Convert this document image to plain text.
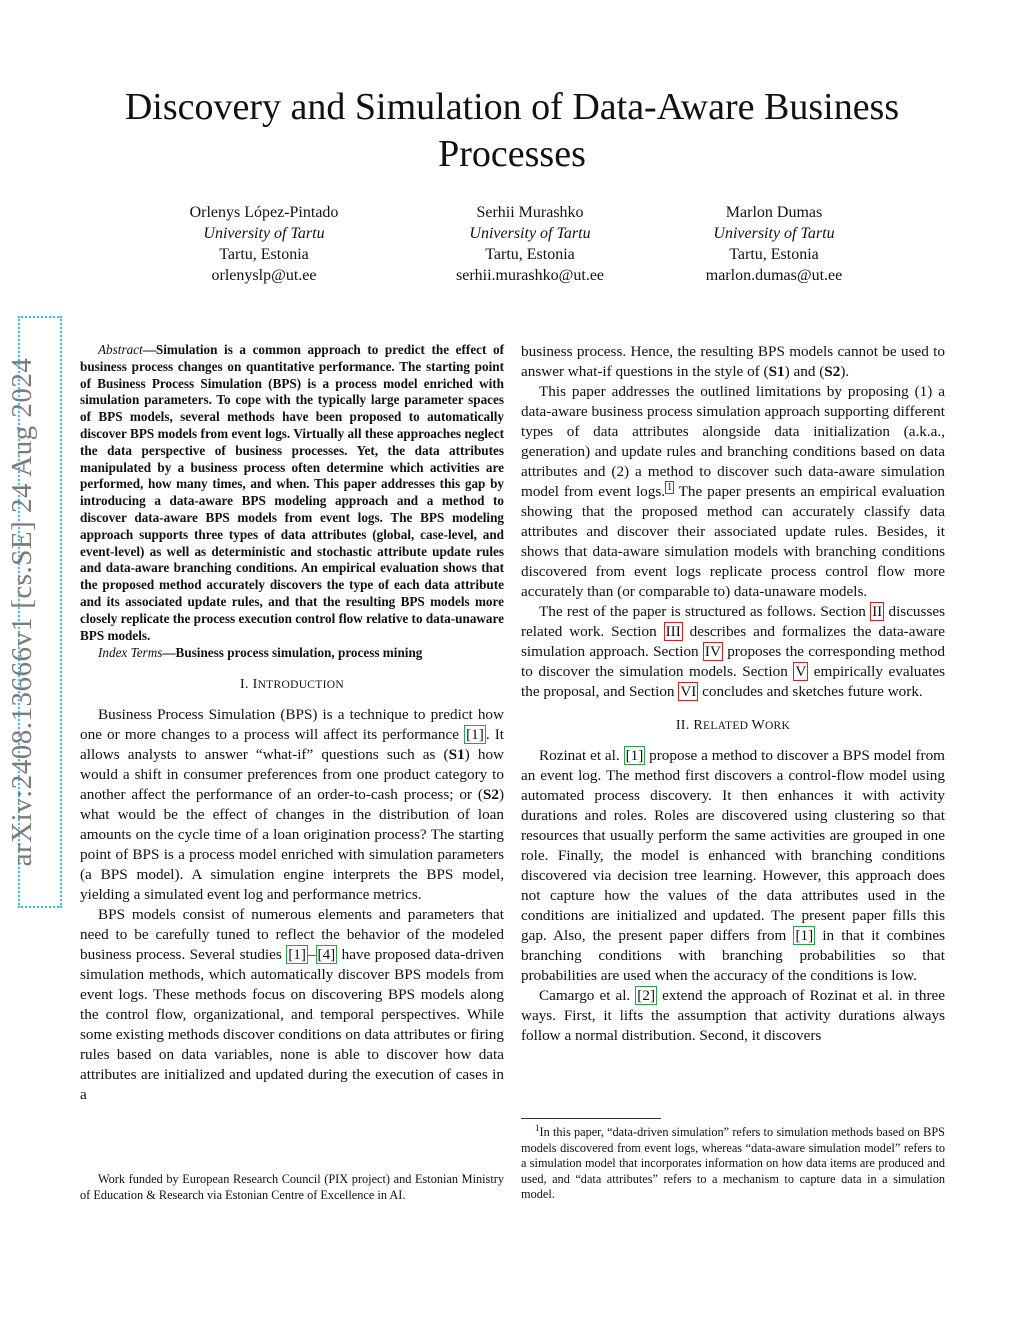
arXiv:2408.13666v1 [cs.SE] 24 Aug 2024
Discovery and Simulation of Data-Aware Business Processes
Orlenys López-Pintado
University of Tartu
Tartu, Estonia
orlenyslp@ut.ee
Serhii Murashko
University of Tartu
Tartu, Estonia
serhii.murashko@ut.ee
Marlon Dumas
University of Tartu
Tartu, Estonia
marlon.dumas@ut.ee
Abstract—Simulation is a common approach to predict the effect of business process changes on quantitative performance. The starting point of Business Process Simulation (BPS) is a process model enriched with simulation parameters. To cope with the typically large parameter spaces of BPS models, several methods have been proposed to automatically discover BPS models from event logs. Virtually all these approaches neglect the data perspective of business processes. Yet, the data attributes manipulated by a business process often determine which activities are performed, how many times, and when. This paper addresses this gap by introducing a data-aware BPS modeling approach and a method to discover data-aware BPS models from event logs. The BPS modeling approach supports three types of data attributes (global, case-level, and event-level) as well as deterministic and stochastic attribute update rules and data-aware branching conditions. An empirical evaluation shows that the proposed method accurately discovers the type of each data attribute and its associated update rules, and that the resulting BPS models more closely replicate the process execution control flow relative to data-unaware BPS models.
Index Terms—Business process simulation, process mining
I. INTRODUCTION

Business Process Simulation (BPS) is a technique to predict how one or more changes to a process will affect its performance [1] . It allows analysts to answer “what-if” questions such as (S1) how would a shift in consumer preferences from one product category to another affect the performance of an order-to-cash process; or (S2) what would be the effect of changes in the distribution of loan amounts on the cycle time of a loan origination process? The starting point of BPS is a process model enriched with simulation parameters (a BPS model). A simulation engine interprets the BPS model, yielding a simulated event log and performance metrics.

BPS models consist of numerous elements and parameters that need to be carefully tuned to reflect the behavior of the modeled business process. Several studies [1] – [4] have proposed data-driven simulation methods, which automatically discover BPS models from event logs. These methods focus on discovering BPS models along the control flow, organizational, and temporal perspectives. While some existing methods discover conditions on data attributes or firing rules based on data variables, none is able to discover how data attributes are initialized and updated during the execution of cases in a

Work funded by European Research Council (PIX project) and Estonian Ministry of Education & Research via Estonian Centre of Excellence in AI.

business process. Hence, the resulting BPS models cannot be used to answer what-if questions in the style of (S1) and (S2).

This paper addresses the outlined limitations by proposing (1) a data-aware business process simulation approach supporting different types of data attributes alongside data initialization (a.k.a., generation) and update rules and branching conditions based on data attributes and (2) a method to discover such data-aware simulation model from event logs. $^1$ The paper presents an empirical evaluation showing that the proposed method can accurately classify data attributes and discover their associated update rules. Besides, it shows that data-aware simulation models with branching conditions discovered from event logs replicate process control flow more accurately than (or comparable to) data-unaware models.

The rest of the paper is structured as follows. Section II discusses related work. Section III describes and formalizes the data-aware simulation approach. Section IV proposes the corresponding method to discover the simulation models. Section V empirically evaluates the proposal, and Section VI concludes and sketches future work.

II. RELATED WORK

Rozinat et al. [1] propose a method to discover a BPS model from an event log. The method first discovers a control-flow model using automated process discovery. It then enhances it with activity durations and roles. Roles are discovered using clustering so that resources that usually perform the same activities are grouped in one role. Finally, the model is enhanced with branching conditions discovered via decision tree learning. However, this approach does not capture how the values of the data attributes used in the conditions are initialized and updated. The present paper fills this gap. Also, the present paper differs from [1] in that it combines branching conditions with branching probabilities so that probabilities are used when the accuracy of the conditions is low.

Camargo et al. [2] extend the approach of Rozinat et al. in three ways. First, it lifts the assumption that activity durations always follow a normal distribution. Second, it discovers

$^1$In this paper, “data-driven simulation” refers to simulation methods based on BPS models discovered from event logs, whereas “data-aware simulation model” refers to a simulation model that incorporates information on how data items are produced and used, and “data attributes” refers to a mechanism to capture data in a simulation model.
